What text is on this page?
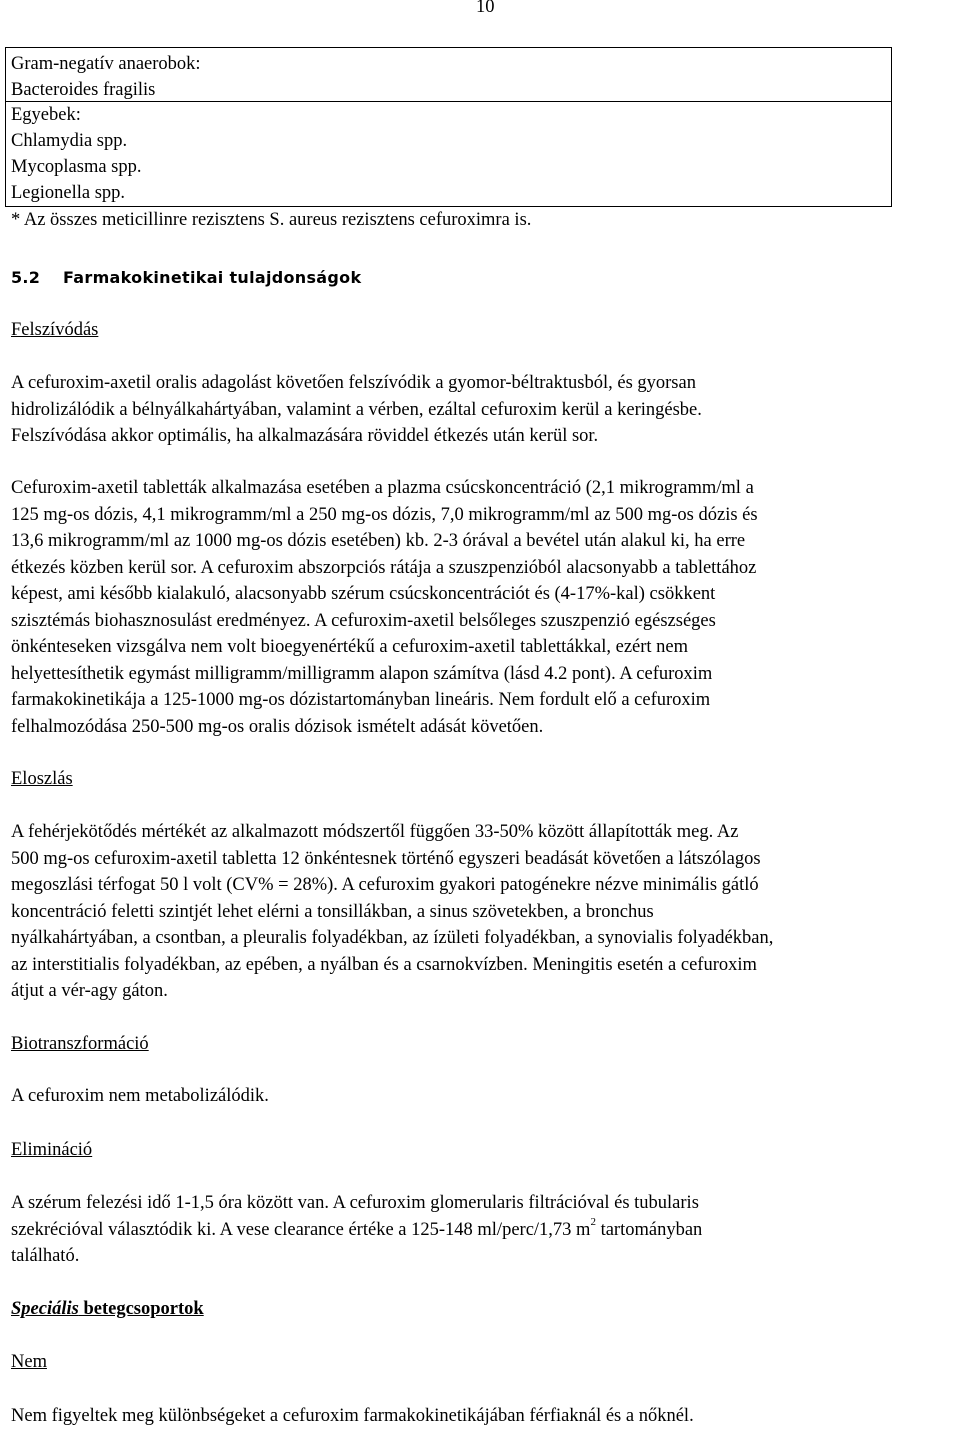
10
Gram-negatív anaerobok:
Bacteroides fragilis
Egyebek:
Chlamydia spp.
Mycoplasma spp.
Legionella spp.
* Az összes meticillinre rezisztens S. aureus rezisztens cefuroximra is.
5.2 Farmakokinetikai tulajdonságok
Felszívódás
A cefuroxim-axetil oralis adagolást követően felszívódik a gyomor-béltraktusból, és gyorsan
hidrolizálódik a bélnyálkahártyában, valamint a vérben, ezáltal cefuroxim kerül a keringésbe.
Felszívódása akkor optimális, ha alkalmazására röviddel étkezés után kerül sor.
Cefuroxim-axetil tabletták alkalmazása esetében a plazma csúcskoncentráció (2,1 mikrogramm/ml a
125 mg-os dózis, 4,1 mikrogramm/ml a 250 mg-os dózis, 7,0 mikrogramm/ml az 500 mg-os dózis és
13,6 mikrogramm/ml az 1000 mg-os dózis esetében) kb. 2-3 órával a bevétel után alakul ki, ha erre
étkezés közben kerül sor. A cefuroxim abszorpciós rátája a szuszpenzióból alacsonyabb a tablettához
képest, ami később kialakuló, alacsonyabb szérum csúcskoncentrációt és (4-17%-kal) csökkent
szisztémás biohasznosulást eredményez. A cefuroxim-axetil belsőleges szuszpenzió egészséges
önkénteseken vizsgálva nem volt bioegyenértékű a cefuroxim-axetil tablettákkal, ezért nem
helyettesíthetik egymást milligramm/milligramm alapon számítva (lásd 4.2 pont). A cefuroxim
farmakokinetikája a 125-1000 mg-os dózistartományban lineáris. Nem fordult elő a cefuroxim
felhalmozódása 250-500 mg-os oralis dózisok ismételt adását követően.
Eloszlás
A fehérjekötődés mértékét az alkalmazott módszertől függően 33-50% között állapították meg. Az
500 mg-os cefuroxim-axetil tabletta 12 önkéntesnek történő egyszeri beadását követően a látszólagos
megoszlási térfogat 50 l volt (CV% = 28%). A cefuroxim gyakori patogénekre nézve minimális gátló
koncentráció feletti szintjét lehet elérni a tonsillákban, a sinus szövetekben, a bronchus
nyálkahártyában, a csontban, a pleuralis folyadékban, az ízületi folyadékban, a synovialis folyadékban,
az interstitialis folyadékban, az epében, a nyálban és a csarnokvízben. Meningitis esetén a cefuroxim
átjut a vér-agy gáton.
Biotranszformáció
A cefuroxim nem metabolizálódik.
Elimináció
A szérum felezési idő 1-1,5 óra között van. A cefuroxim glomerularis filtrációval és tubularis
szekrécióval választódik ki. A vese clearance értéke a 125-148 ml/perc/1,73 $m^2$ tartományban
található.
Speciális betegcsoportok
Nem
Nem figyeltek meg különbségeket a cefuroxim farmakokinetikájában férfiaknál és a nőknél.
